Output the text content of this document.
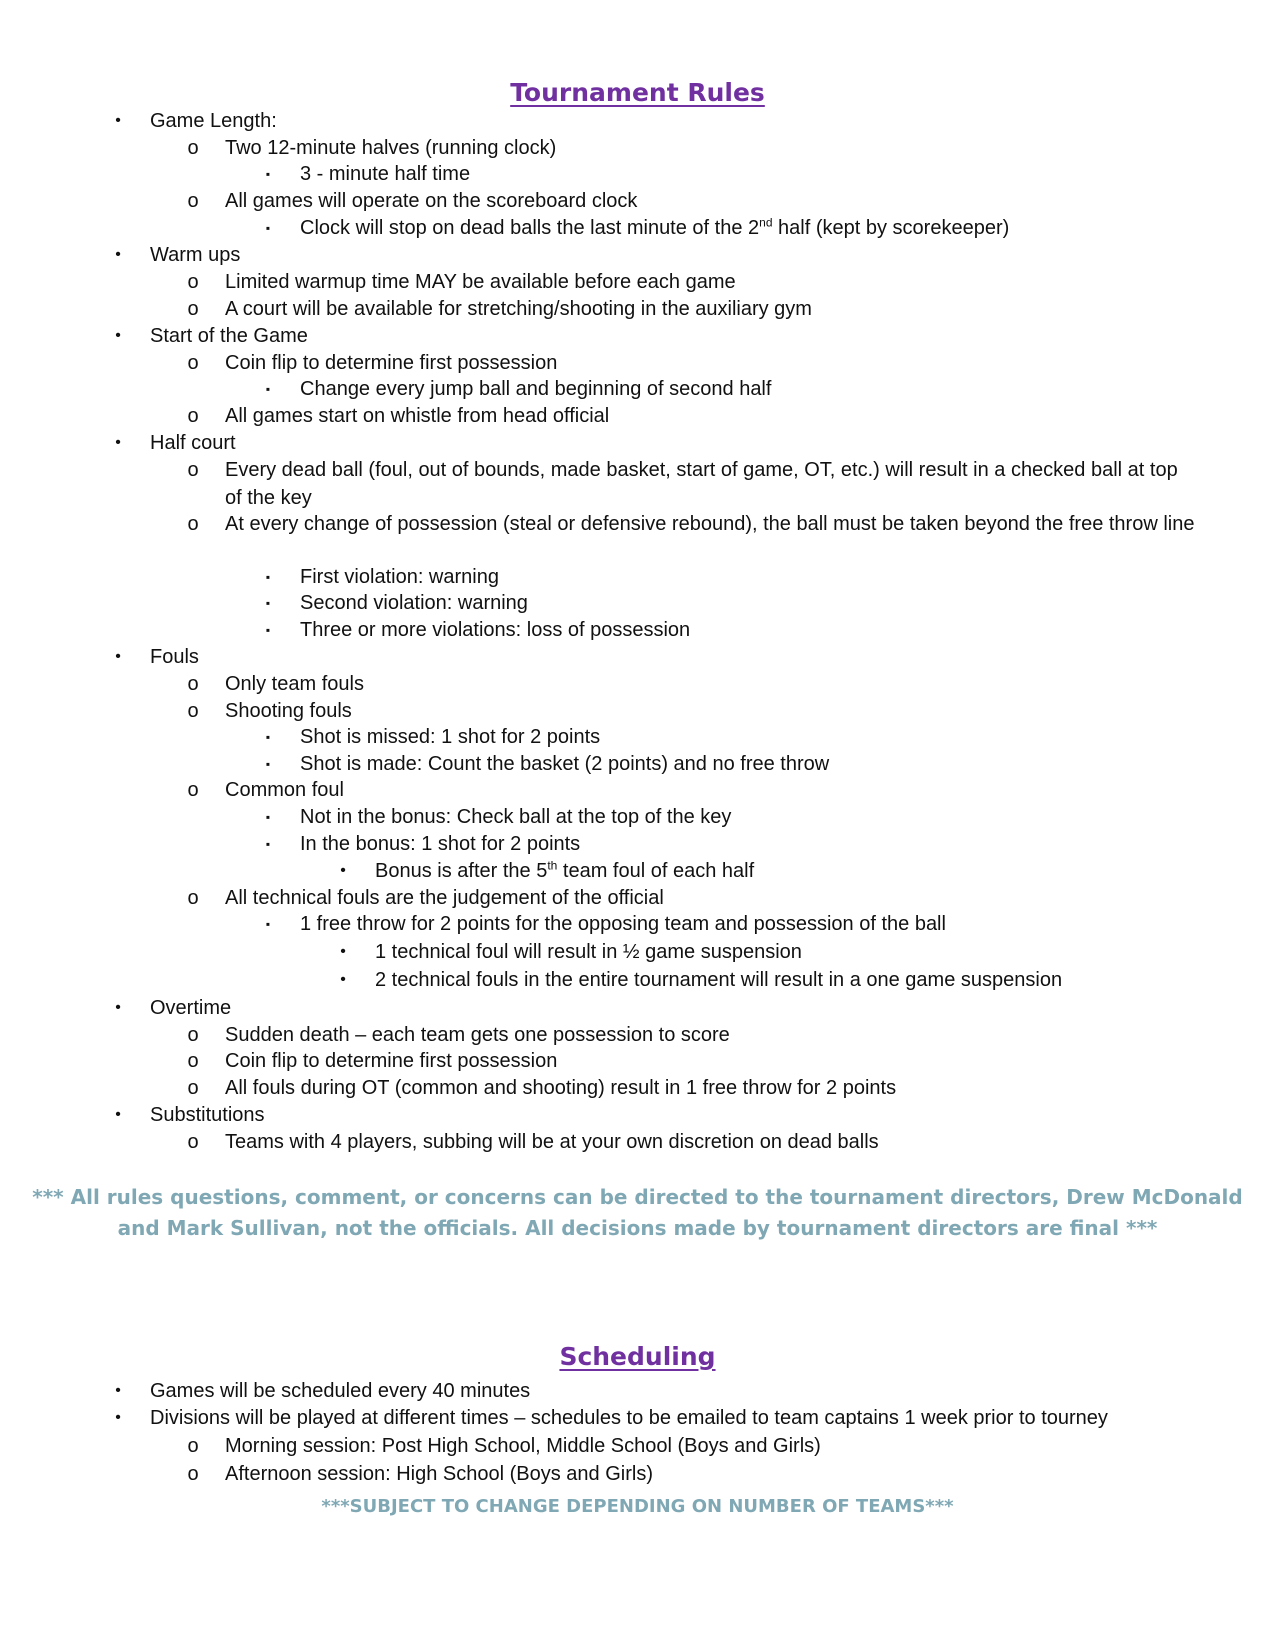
Tournament Rules
•	Game Length:
o Two 12-minute halves (running clock)
▪	3 - minute half time
o All games will operate on the scoreboard clock
▪	Clock will stop on dead balls the last minute of the 2nd half (kept by scorekeeper)
•	Warm ups
o Limited warmup time MAY be available before each game
o A court will be available for stretching/shooting in the auxiliary gym
•	Start of the Game
o Coin flip to determine first possession
▪	Change every jump ball and beginning of second half
o All games start on whistle from head official
•	Half court
o Every dead ball (foul, out of bounds, made basket, start of game, OT, etc.) will result in a checked ball at top of the key
o At every change of possession (steal or defensive rebound), the ball must be taken beyond the free throw line
▪	First violation: warning
▪	Second violation: warning
▪	Three or more violations: loss of possession
•	Fouls
o Only team fouls
o Shooting fouls
▪	Shot is missed: 1 shot for 2 points
▪	Shot is made: Count the basket (2 points) and no free throw
o Common foul
▪	Not in the bonus: Check ball at the top of the key
▪	In the bonus: 1 shot for 2 points
•	Bonus is after the 5th team foul of each half
o All technical fouls are the judgement of the official
▪	1 free throw for 2 points for the opposing team and possession of the ball
•	1 technical foul will result in ½ game suspension
•	2 technical fouls in the entire tournament will result in a one game suspension
•	Overtime
o Sudden death – each team gets one possession to score
o Coin flip to determine first possession
o All fouls during OT (common and shooting) result in 1 free throw for 2 points
•	Substitutions
o Teams with 4 players, subbing will be at your own discretion on dead balls
*** All rules questions, comment, or concerns can be directed to the tournament directors, Drew McDonald
and Mark Sullivan, not the officials. All decisions made by tournament directors are final ***
Scheduling
•	Games will be scheduled every 40 minutes
•	Divisions will be played at different times – schedules to be emailed to team captains 1 week prior to tourney
o Morning session: Post High School, Middle School (Boys and Girls)
o Afternoon session: High School (Boys and Girls)
***SUBJECT TO CHANGE DEPENDING ON NUMBER OF TEAMS***
